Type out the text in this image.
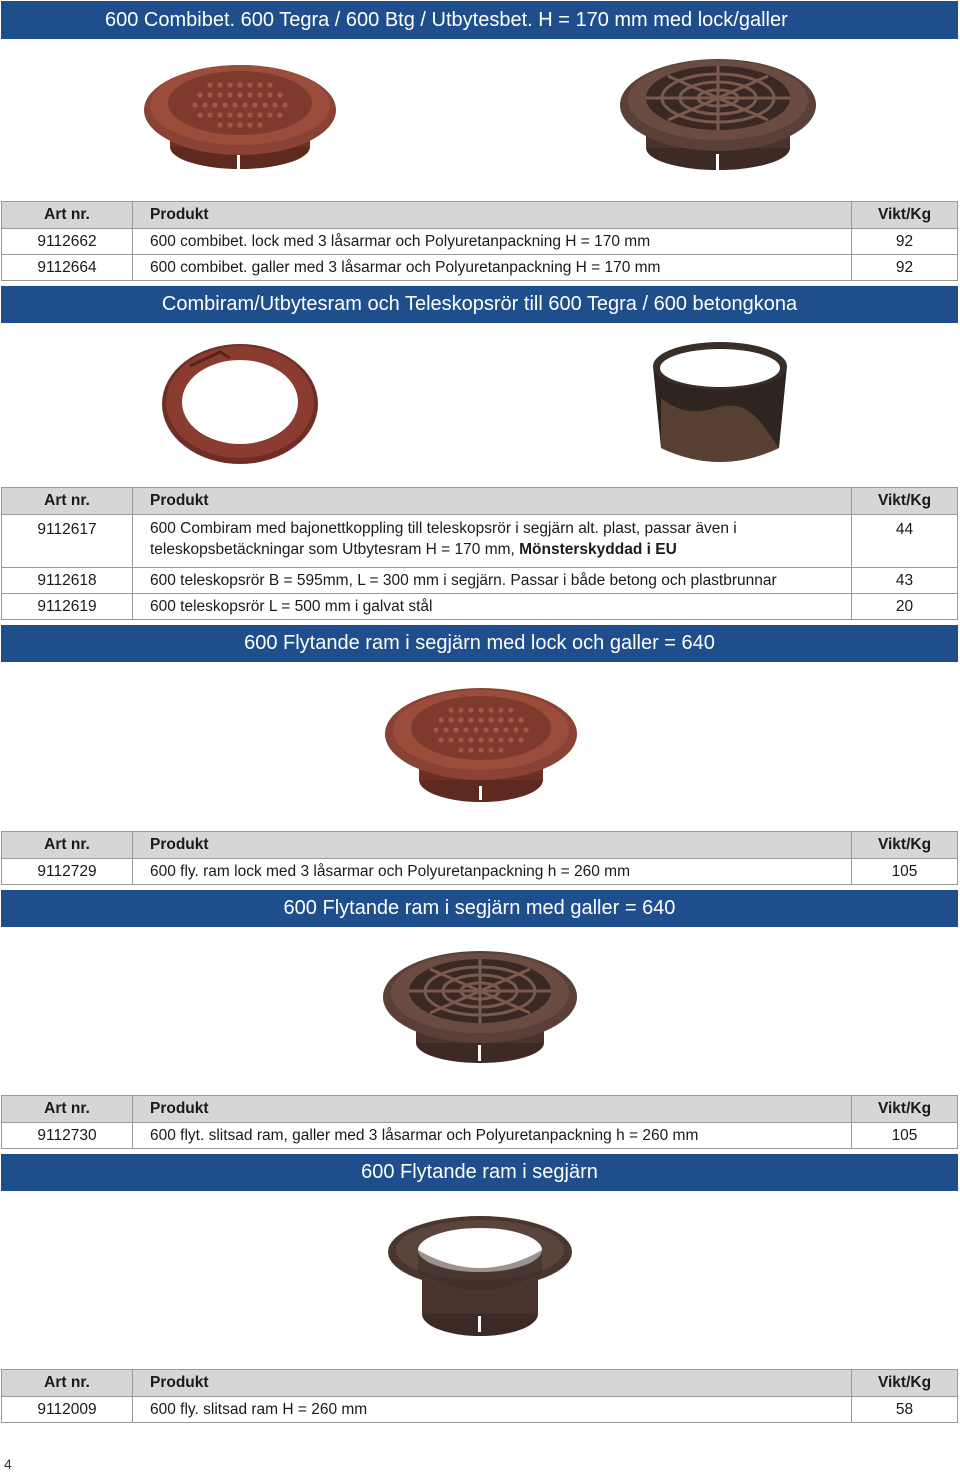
600 Combibet. 600 Tegra / 600 Btg / Utbytesbet. H = 170 mm med lock/galler
Art nr.	Produkt	Vikt/Kg
9112662	600 combibet. lock med 3 låsarmar och Polyuretanpackning H = 170 mm	92
9112664	600 combibet. galler med 3 låsarmar och Polyuretanpackning H = 170 mm	92
Combiram/Utbytesram och Teleskopsrör till 600 Tegra / 600 betongkona
Art nr.	Produkt	Vikt/Kg
9112617	600 Combiram med bajonettkoppling till teleskopsrör i segjärn alt. plast, passar även i
teleskopsbetäckningar som Utbytesram H = 170 mm, Mönsterskyddad i EU	44
9112618	600 teleskopsrör B = 595mm, L = 300 mm i segjärn. Passar i både betong och plastbrunnar	43
9112619	600 teleskopsrör L = 500 mm i galvat stål	20
600 Flytande ram i segjärn med lock och galler = 640
Art nr.	Produkt	Vikt/Kg
9112729	600 fly. ram lock med 3 låsarmar och Polyuretanpackning h = 260 mm	105
600 Flytande ram i segjärn med galler = 640
Art nr.	Produkt	Vikt/Kg
9112730	600 flyt. slitsad ram, galler med 3 låsarmar och Polyuretanpackning h = 260 mm	105
600 Flytande ram i segjärn
Art nr.	Produkt	Vikt/Kg
9112009	600 fly. slitsad ram H = 260 mm	58
4
